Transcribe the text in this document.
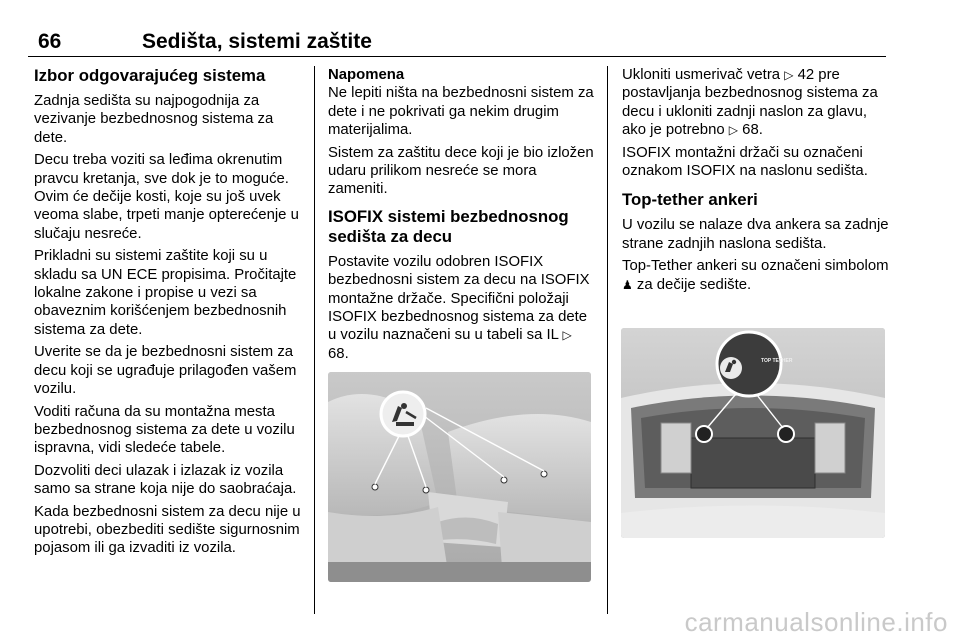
66	Sedišta, sistemi zaštite
Izbor odgovarajućeg sistema

Zadnja sedišta su najpogodnija za vezivanje bezbednosnog sistema za dete.

Decu treba voziti sa leđima okrenutim pravcu kretanja, sve dok je to moguće. Ovim će dečije kosti, koje su još uvek veoma slabe, trpeti manje opterećenje u slučaju nesreće.

Prikladni su sistemi zaštite koji su u skladu sa UN ECE propisima. Pročitajte lokalne zakone i propise u vezi sa obaveznim korišćenjem bezbednosnih sistema za dete.

Uverite se da je bezbednosni sistem za decu koji se ugrađuje prilagođen vašem vozilu.

Voditi računa da su montažna mesta bezbednosnog sistema za dete u vozilu ispravna, vidi sledeće tabele.

Dozvoliti deci ulazak i izlazak iz vozila samo sa strane koja nije do saobraćaja.

Kada bezbednosni sistem za decu nije u upotrebi, obezbediti sedište sigurnosnim pojasom ili ga izvaditi iz vozila.

Napomena

Ne lepiti ništa na bezbednosni sistem za dete i ne pokrivati ga nekim drugim materijalima.

Sistem za zaštitu dece koji je bio izložen udaru prilikom nesreće se mora zameniti.

ISOFIX sistemi bezbednosnog sedišta za decu

Postavite vozilu odobren ISOFIX bezbednosni sistem za decu na ISOFIX montažne držače. Specifični položaji ISOFIX bezbednosnog sistema za dete u vozilu naznačeni su u tabeli sa IL ▷ 68.

Ukloniti usmerivač vetra ▷ 42 pre postavljanja bezbednosnog sistema za decu i ukloniti zadnji naslon za glavu, ako je potrebno ▷ 68.

ISOFIX montažni držači su označeni oznakom ISOFIX na naslonu sedišta.

Top-tether ankeri

U vozilu se nalaze dva ankera sa zadnje strane zadnjih naslona sedišta.

Top-Tether ankeri su označeni simbolom ♟ za dečije sedište.

TOP TETHER
carmanualsonline.info
